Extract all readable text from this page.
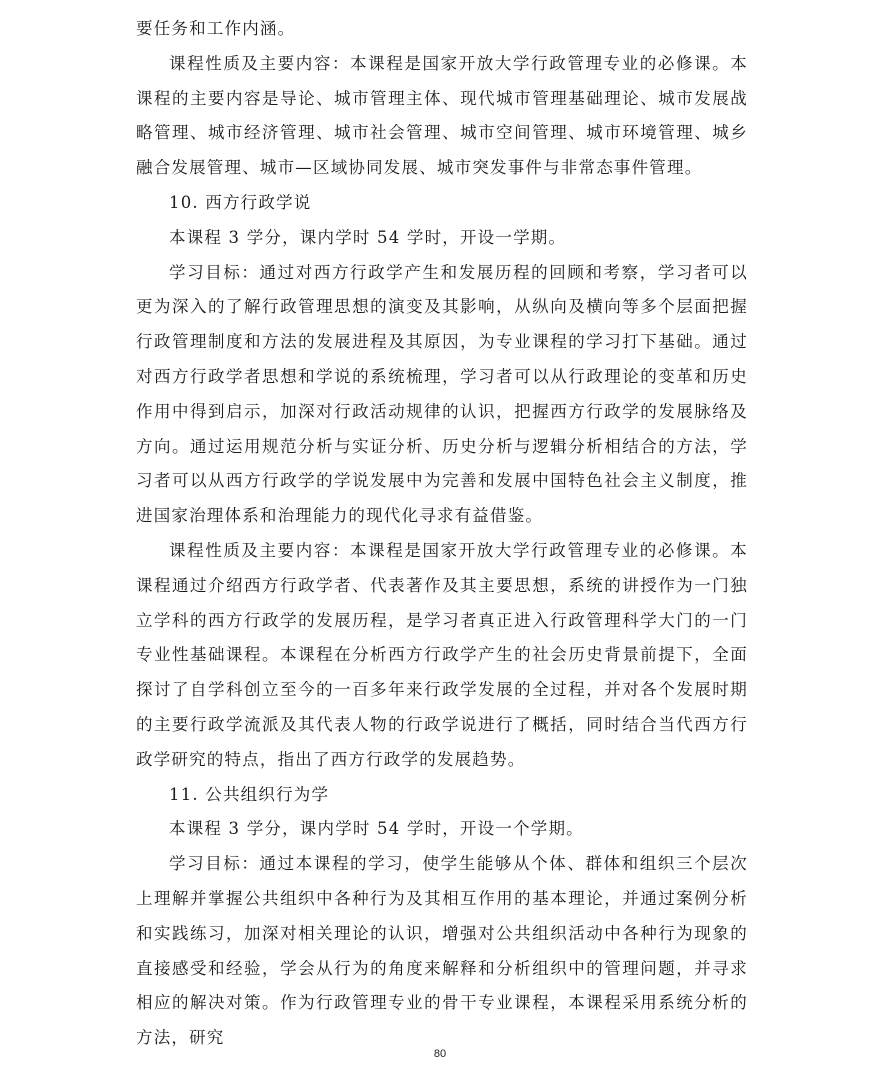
要任务和工作内涵。

课程性质及主要内容：本课程是国家开放大学行政管理专业的必修课。本课程的主要内容是导论、城市管理主体、现代城市管理基础理论、城市发展战略管理、城市经济管理、城市社会管理、城市空间管理、城市环境管理、城乡融合发展管理、城市—区域协同发展、城市突发事件与非常态事件管理。

10. 西方行政学说

本课程 3 学分，课内学时 54 学时，开设一学期。

学习目标：通过对西方行政学产生和发展历程的回顾和考察，学习者可以更为深入的了解行政管理思想的演变及其影响，从纵向及横向等多个层面把握行政管理制度和方法的发展进程及其原因，为专业课程的学习打下基础。通过对西方行政学者思想和学说的系统梳理，学习者可以从行政理论的变革和历史作用中得到启示，加深对行政活动规律的认识，把握西方行政学的发展脉络及方向。通过运用规范分析与实证分析、历史分析与逻辑分析相结合的方法，学习者可以从西方行政学的学说发展中为完善和发展中国特色社会主义制度，推进国家治理体系和治理能力的现代化寻求有益借鉴。

课程性质及主要内容：本课程是国家开放大学行政管理专业的必修课。本课程通过介绍西方行政学者、代表著作及其主要思想，系统的讲授作为一门独立学科的西方行政学的发展历程，是学习者真正进入行政管理科学大门的一门专业性基础课程。本课程在分析西方行政学产生的社会历史背景前提下，全面探讨了自学科创立至今的一百多年来行政学发展的全过程，并对各个发展时期的主要行政学流派及其代表人物的行政学说进行了概括，同时结合当代西方行政学研究的特点，指出了西方行政学的发展趋势。

11. 公共组织行为学

本课程 3 学分，课内学时 54 学时，开设一个学期。

学习目标：通过本课程的学习，使学生能够从个体、群体和组织三个层次上理解并掌握公共组织中各种行为及其相互作用的基本理论，并通过案例分析和实践练习，加深对相关理论的认识，增强对公共组织活动中各种行为现象的直接感受和经验，学会从行为的角度来解释和分析组织中的管理问题，并寻求相应的解决对策。作为行政管理专业的骨干专业课程，本课程采用系统分析的方法，研究

80
